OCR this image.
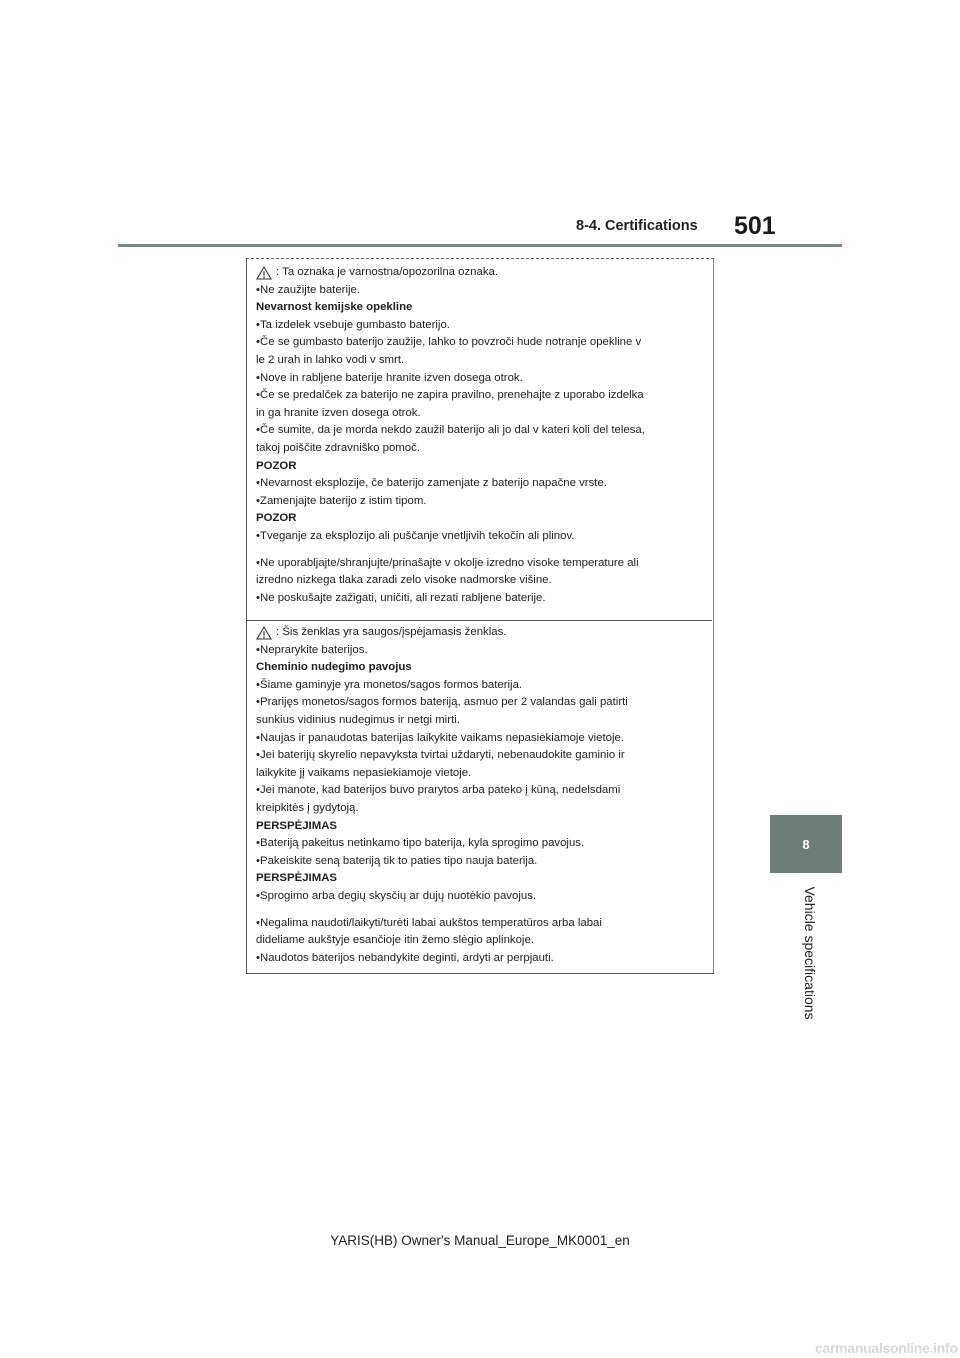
8-4. Certifications 501
8
Vehicle specifications
: Ta oznaka je varnostna/opozorilna oznaka.
•Ne zaužijte baterije.
Nevarnost kemijske opekline
•Ta izdelek vsebuje gumbasto baterijo.
•Če se gumbasto baterijo zaužije, lahko to povzroči hude notranje opekline v
le 2 urah in lahko vodi v smrt.
•Nove in rabljene baterije hranite izven dosega otrok.
•Če se predalček za baterijo ne zapira pravilno, prenehajte z uporabo izdelka
in ga hranite izven dosega otrok.
•Če sumite, da je morda nekdo zaužil baterijo ali jo dal v kateri koli del telesa,
takoj poiščite zdravniško pomoč.
POZOR
•Nevarnost eksplozije, če baterijo zamenjate z baterijo napačne vrste.
•Zamenjajte baterijo z istim tipom.
POZOR
•Tveganje za eksplozijo ali puščanje vnetljivih tekočin ali plinov.
•Ne uporabljajte/shranjujte/prinašajte v okolje izredno visoke temperature ali
izredno nizkega tlaka zaradi zelo visoke nadmorske višine.
•Ne poskušajte zažigati, uničiti, ali rezati rabljene baterije.
: Šis ženklas yra saugos/įspėjamasis ženklas.
•Neprarykite baterijos.
Cheminio nudegimo pavojus
•Šiame gaminyje yra monetos/sagos formos baterija.
•Prarijęs monetos/sagos formos bateriją, asmuo per 2 valandas gali patirti
sunkius vidinius nudegimus ir netgi mirti.
•Naujas ir panaudotas baterijas laikykite vaikams nepasiekiamoje vietoje.
•Jei baterijų skyrelio nepavyksta tvirtai uždaryti, nebenaudokite gaminio ir
laikykite jį vaikams nepasiekiamoje vietoje.
•Jei manote, kad baterijos buvo prarytos arba pateko į kūną, nedelsdami
kreipkitės į gydytoją.
PERSPĖJIMAS
•Bateriją pakeitus netinkamo tipo baterija, kyla sprogimo pavojus.
•Pakeiskite seną bateriją tik to paties tipo nauja baterija.
PERSPĖJIMAS
•Sprogimo arba degių skysčių ar dujų nuotėkio pavojus.
•Negalima naudoti/laikyti/turėti labai aukštos temperatūros arba labai
dideliame aukštyje esančioje itin žemo slėgio aplinkoje.
•Naudotos baterijos nebandykite deginti, ardyti ar perpjauti.
YARIS(HB) Owner's Manual_Europe_MK0001_en
carmanualsonline.info
